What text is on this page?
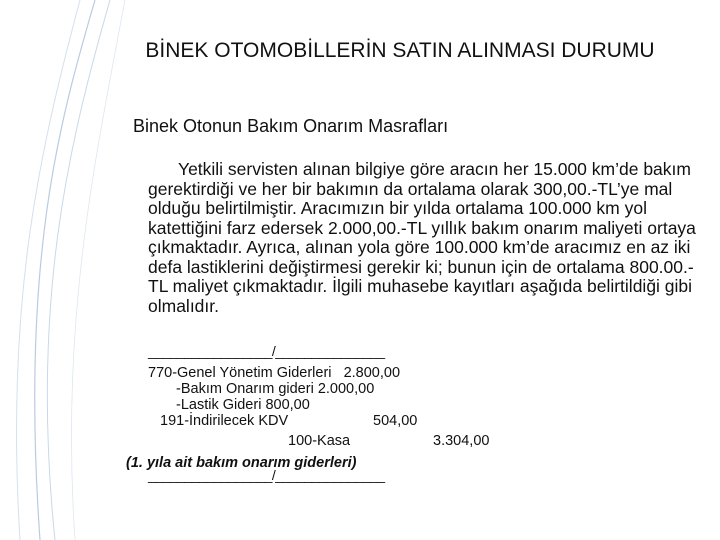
BİNEK OTOMOBİLLERİN SATIN ALINMASI DURUMU
Binek Otonun Bakım Onarım Masrafları

Yetkili servisten alınan bilgiye göre aracın her 15.000 km’de bakım gerektirdiği ve her bir bakımın da ortalama olarak 300,00.-TL’ye mal olduğu belirtilmiştir. Aracımızın bir yılda ortalama 100.000 km yol katettiğini farz edersek 2.000,00.-TL yıllık bakım onarım maliyeti ortaya çıkmaktadır. Ayrıca, alınan yola göre 100.000 km’de aracımız en az iki defa lastiklerini değiştirmesi gerekir ki; bunun için de ortalama 800.00.-TL maliyet çıkmaktadır. İlgili muhasebe kayıtları aşağıda belirtildiği gibi olmalıdır.

_________________/_______________
770-Genel Yönetim Giderleri   2.800,00
-Bakım Onarım gideri 2.000,00
-Lastik Gideri 800,00
191-İndirilecek KDV	504,00
100-Kasa	3.304,00
(1. yıla ait bakım onarım giderleri)
_________________/_______________
